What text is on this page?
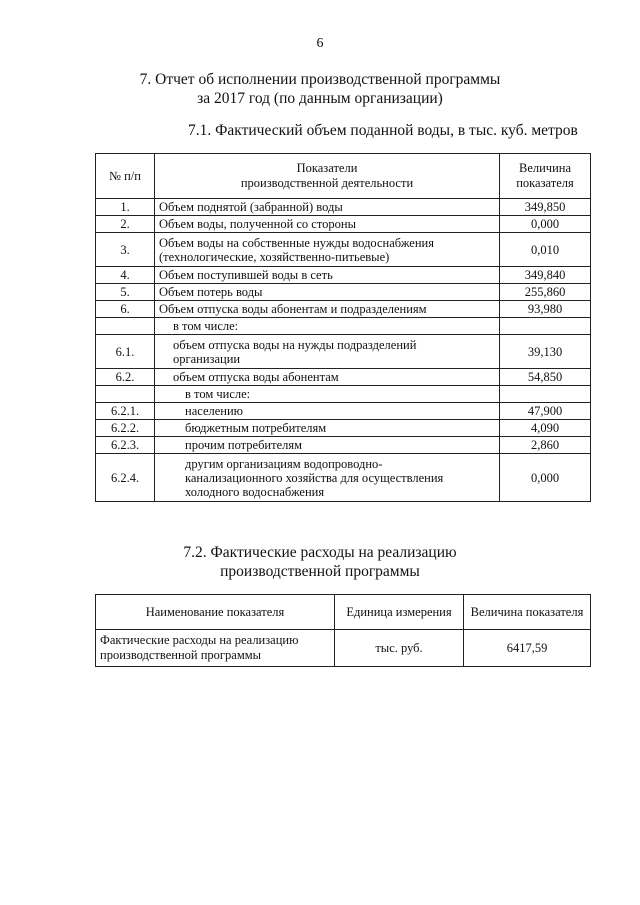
6
7. Отчет об исполнении производственной программы
за 2017 год (по данным организации)
7.1. Фактический объем поданной воды, в тыс. куб. метров
№ п/п	Показатели
производственной деятельности	Величина показателя
1.	Объем поднятой (забранной) воды	349,850
2.	Объем воды, полученной со стороны	0,000
3.	Объем воды на собственные нужды водоснабжения
(технологические, хозяйственно-питьевые)	0,010
4.	Объем поступившей воды в сеть	349,840
5.	Объем потерь воды	255,860
6.	Объем отпуска воды абонентам и подразделениям	93,980
	в том числе:	
6.1.	объем отпуска воды на нужды подразделений
организации	39,130
6.2.	объем отпуска воды абонентам	54,850
	в том числе:	
6.2.1.	населению	47,900
6.2.2.	бюджетным потребителям	4,090
6.2.3.	прочим потребителям	2,860
6.2.4.	другим организациям водопроводно-
канализационного хозяйства для осуществления
холодного водоснабжения	0,000
7.2. Фактические расходы на реализацию
производственной программы
Наименование показателя	Единица измерения	Величина показателя

Фактические расходы на реализацию
производственной программы	тыс. руб.	6417,59
